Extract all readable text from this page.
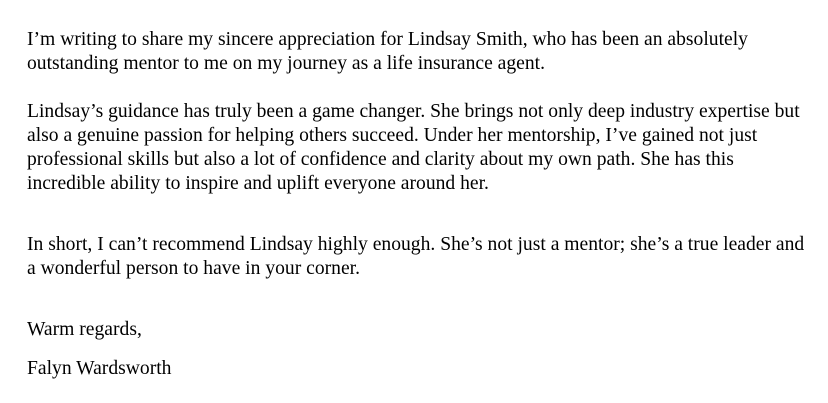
I’m writing to share my sincere appreciation for Lindsay Smith, who has been an absolutely outstanding mentor to me on my journey as a life insurance agent.

Lindsay’s guidance has truly been a game changer. She brings not only deep industry expertise but also a genuine passion for helping others succeed. Under her mentorship, I’ve gained not just professional skills but also a lot of confidence and clarity about my own path. She has this incredible ability to inspire and uplift everyone around her.

In short, I can’t recommend Lindsay highly enough. She’s not just a mentor; she’s a true leader and a wonderful person to have in your corner.

Warm regards,

Falyn Wardsworth
